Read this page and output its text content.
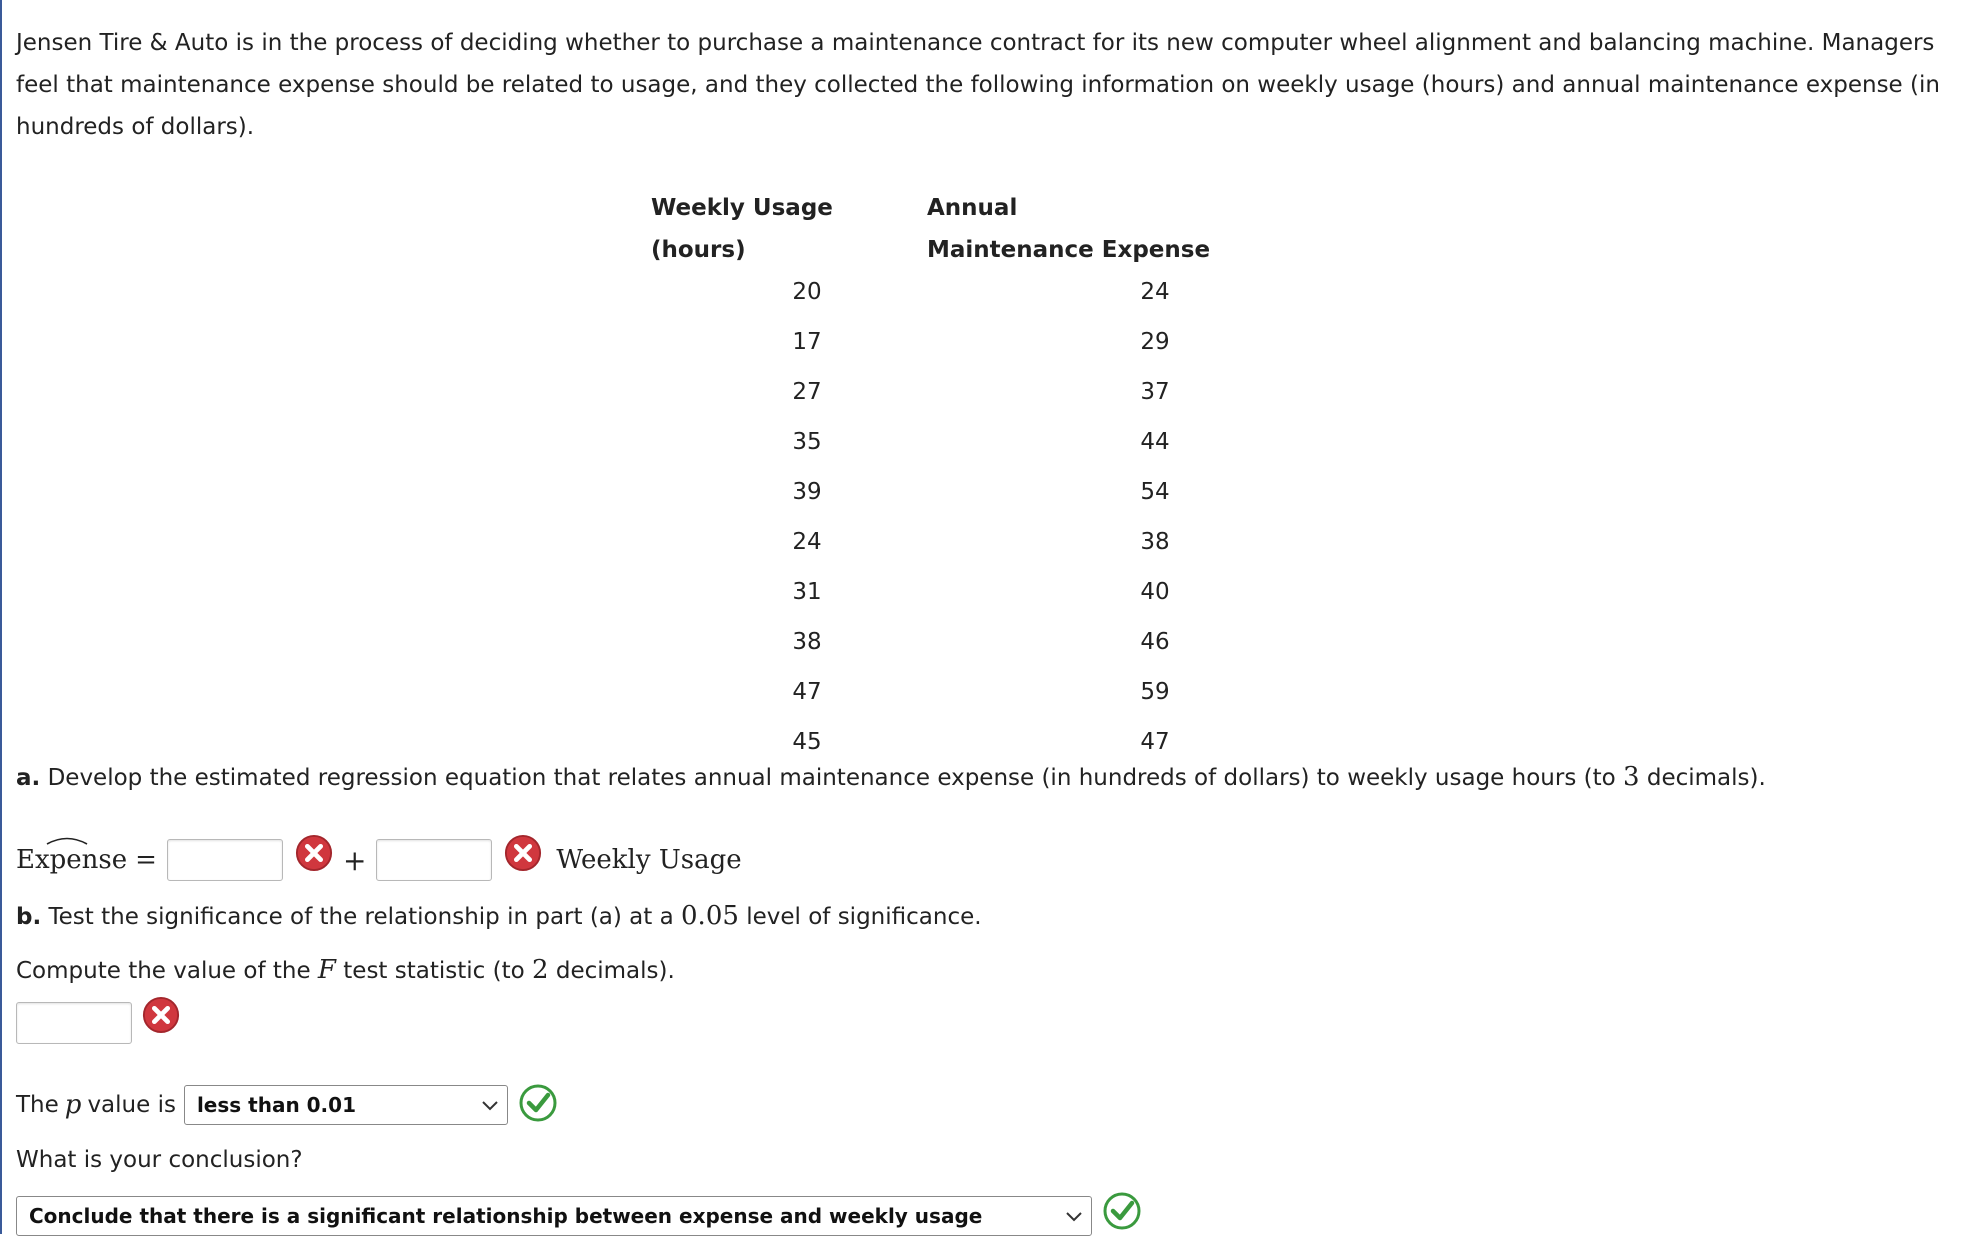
Jensen Tire & Auto is in the process of deciding whether to purchase a maintenance contract for its new computer wheel alignment and balancing machine. Managers feel that maintenance expense should be related to usage, and they collected the following information on weekly usage (hours) and annual maintenance expense (in hundreds of dollars).

Weekly Usage
(hours)
Annual
Maintenance Expense
20	24
17	29
27	37
35	44
39	54
24	38
31	40
38	46
47	59
45	47
a. Develop the estimated regression equation that relates annual maintenance expense (in hundreds of dollars) to weekly usage hours (to 3 decimals).
Expense =	+	Weekly Usage
b. Test the significance of the relationship in part (a) at a 0.05 level of significance.
Compute the value of the F test statistic (to 2 decimals).
The p value is less than 0.01
What is your conclusion?
Conclude that there is a significant relationship between expense and weekly usage
